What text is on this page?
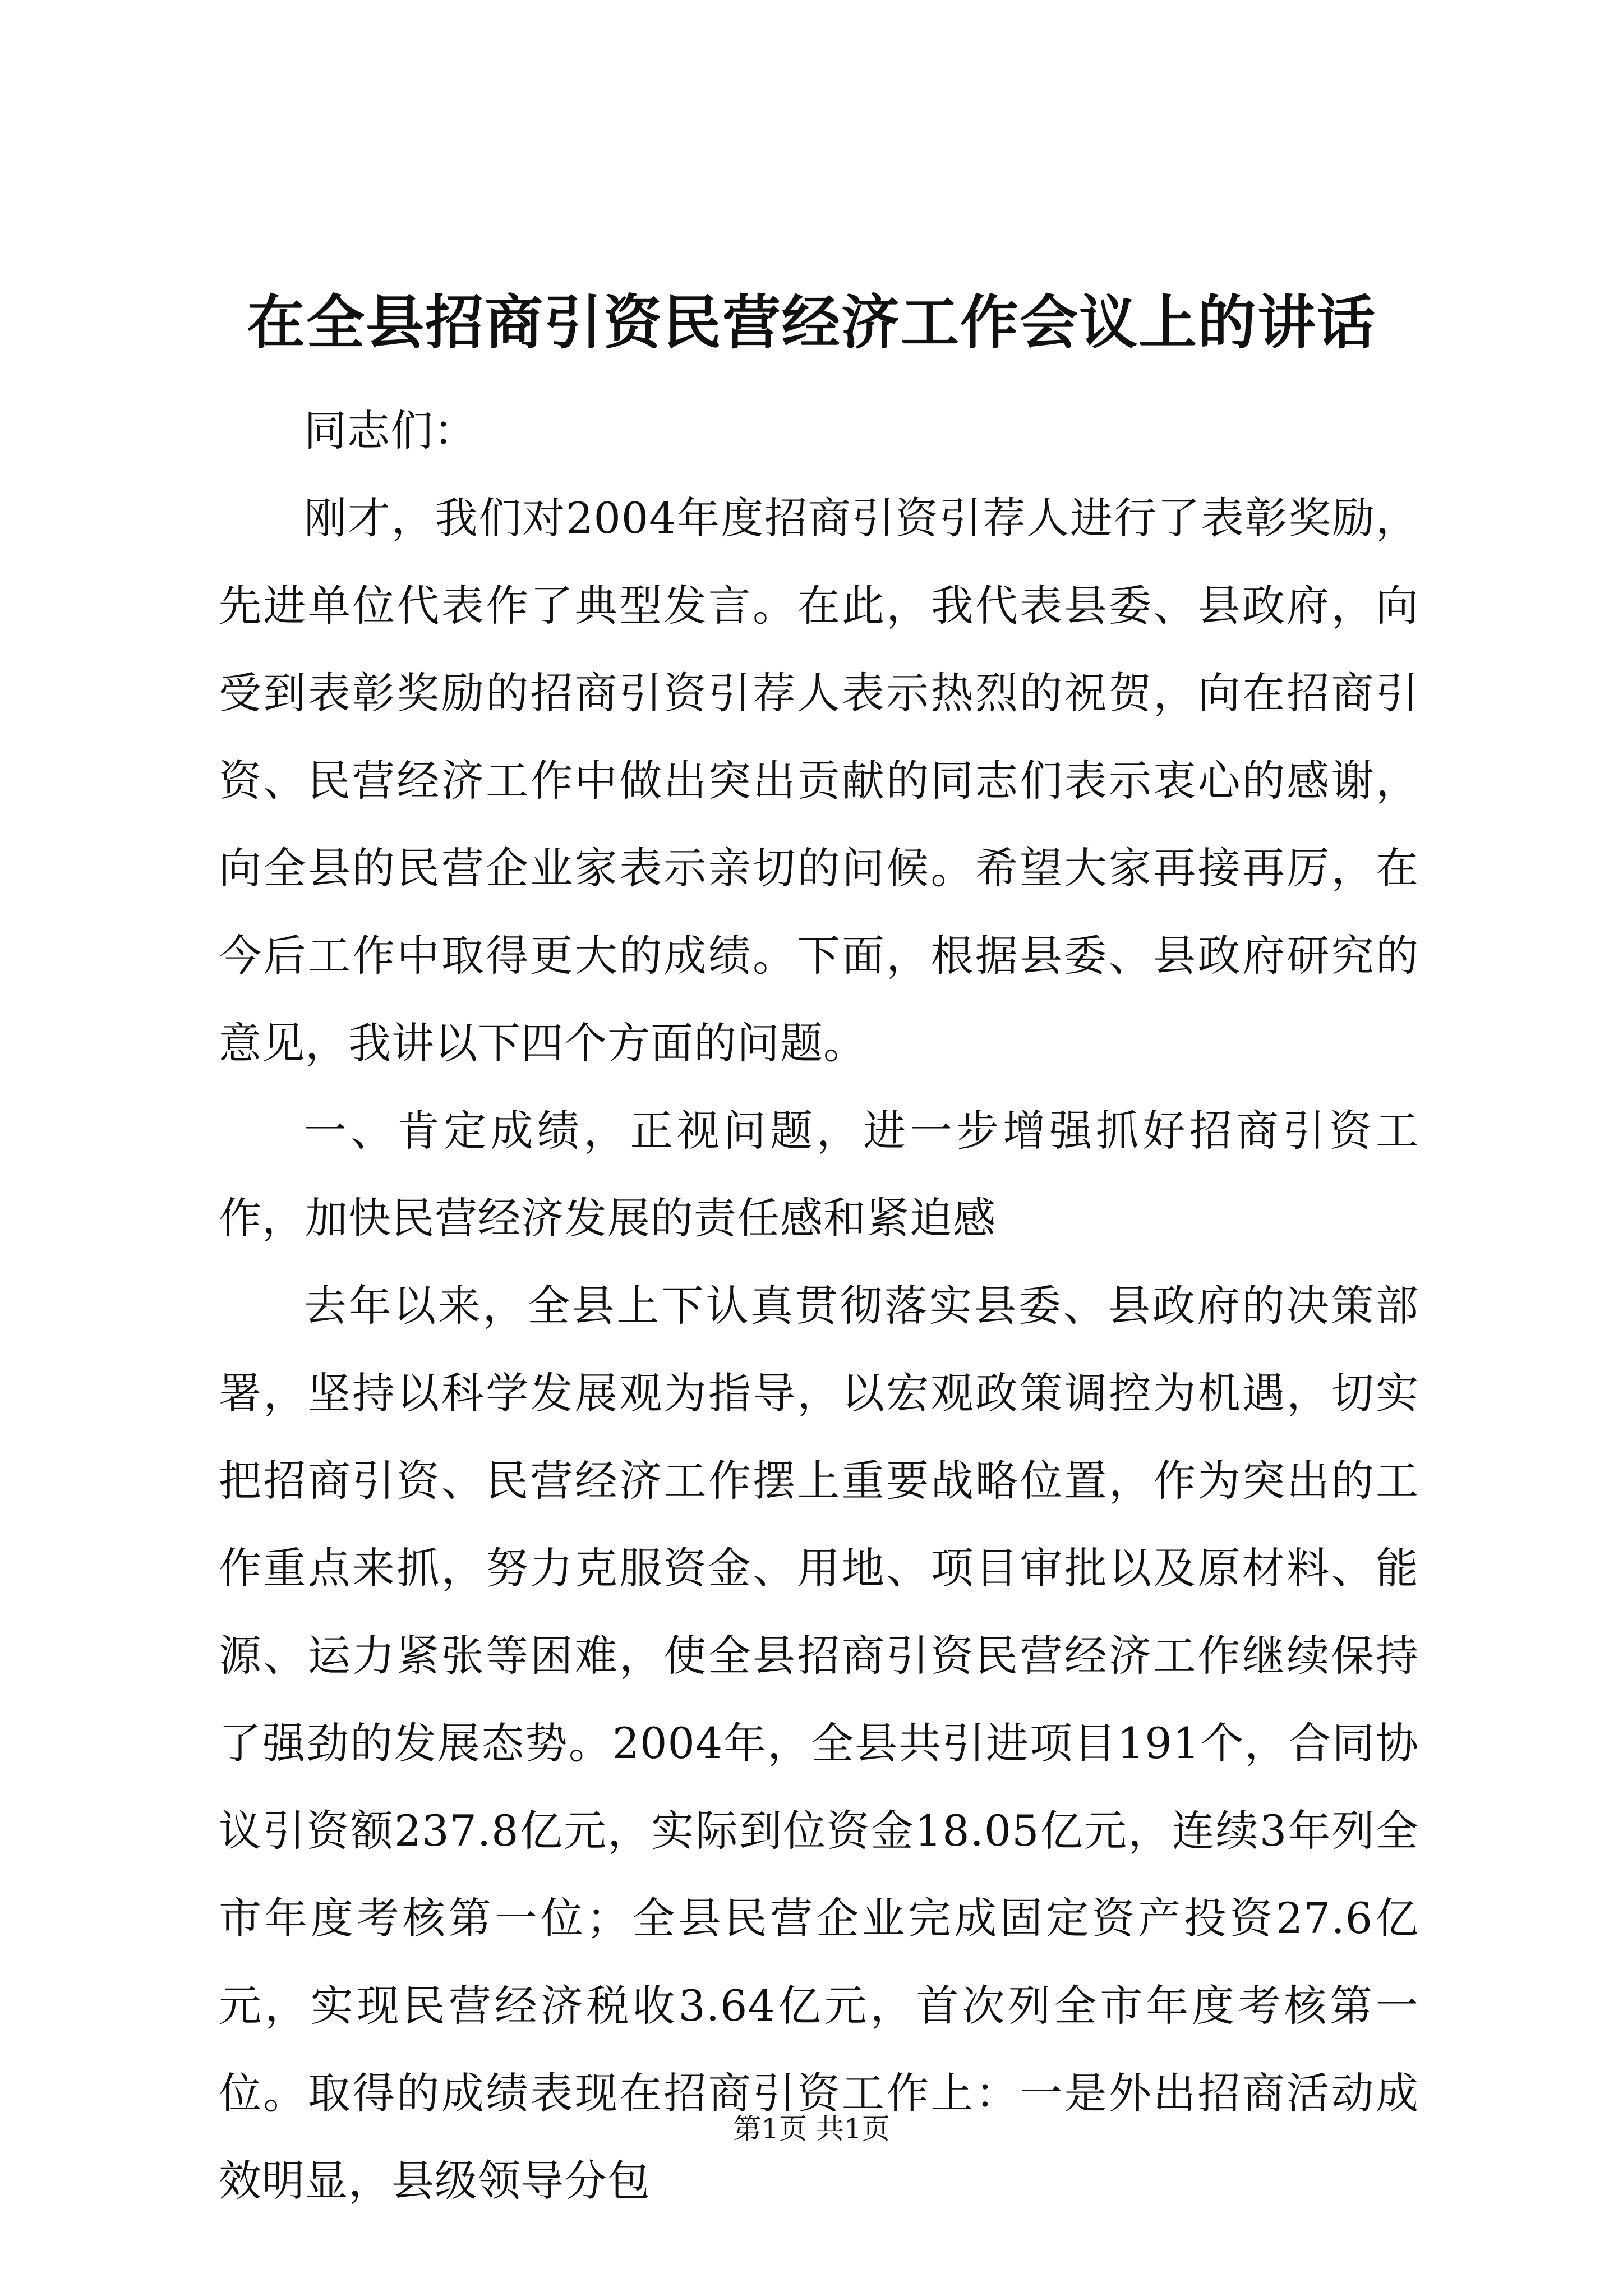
在全县招商引资民营经济工作会议上的讲话

同志们：

刚才，我们对2004年度招商引资引荐人进行了表彰奖励，先进单位代表作了典型发言。在此，我代表县委、县政府，向受到表彰奖励的招商引资引荐人表示热烈的祝贺，向在招商引资、民营经济工作中做出突出贡献的同志们表示衷心的感谢，向全县的民营企业家表示亲切的问候。希望大家再接再厉，在今后工作中取得更大的成绩。下面，根据县委、县政府研究的意见，我讲以下四个方面的问题。

一、肯定成绩，正视问题，进一步增强抓好招商引资工作，加快民营经济发展的责任感和紧迫感

去年以来，全县上下认真贯彻落实县委、县政府的决策部署，坚持以科学发展观为指导，以宏观政策调控为机遇，切实把招商引资、民营经济工作摆上重要战略位置，作为突出的工作重点来抓，努力克服资金、用地、项目审批以及原材料、能源、运力紧张等困难，使全县招商引资民营经济工作继续保持了强劲的发展态势。2004年，全县共引进项目191个，合同协议引资额237.8亿元，实际到位资金18.05亿元，连续3年列全市年度考核第一位；全县民营企业完成固定资产投资27.6亿元，实现民营经济税收3.64亿元，首次列全市年度考核第一位。取得的成绩表现在招商引资工作上：一是外出招商活动成效明显，县级领导分包

第1页 共1页
